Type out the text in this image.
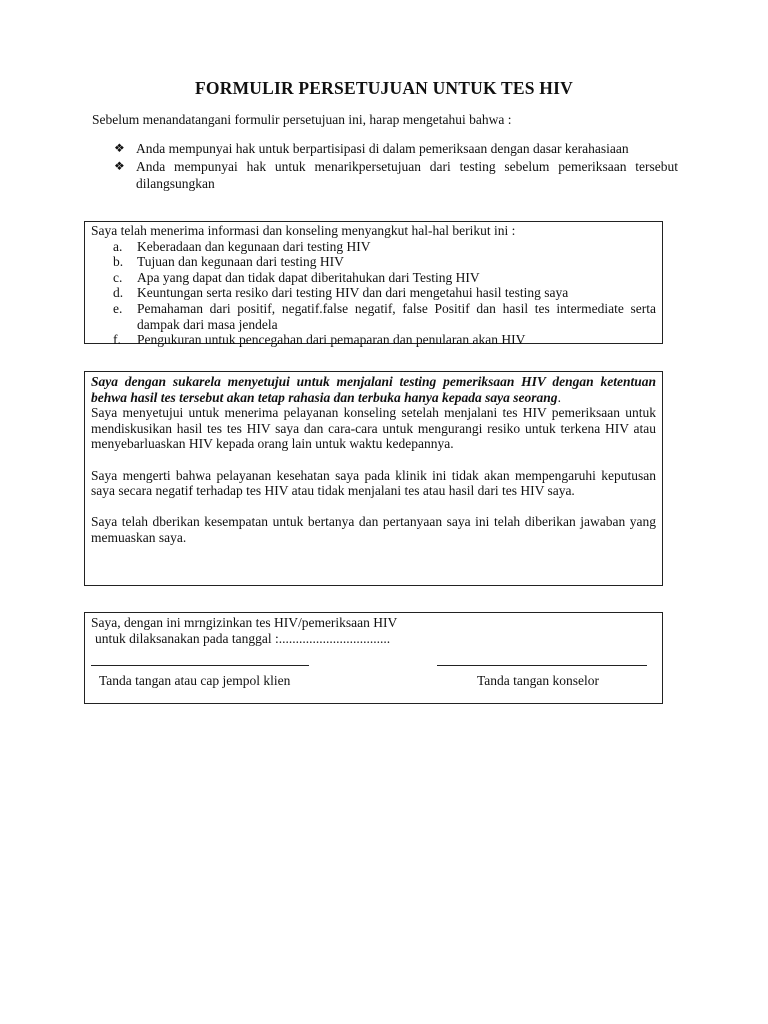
FORMULIR PERSETUJUAN UNTUK TES HIV
Sebelum menandatangani formulir persetujuan ini, harap mengetahui bahwa :
❖ Anda mempunyai hak untuk berpartisipasi di dalam pemeriksaan dengan dasar kerahasiaan
❖ Anda mempunyai hak untuk menarikpersetujuan dari testing sebelum pemeriksaan tersebut dilangsungkan
Saya telah menerima informasi dan konseling menyangkut hal-hal berikut ini :
a. Keberadaan dan kegunaan dari testing HIV
b. Tujuan dan kegunaan dari testing HIV
c. Apa yang dapat dan tidak dapat diberitahukan dari Testing HIV
d. Keuntungan serta resiko dari testing HIV dan dari mengetahui hasil testing saya
e. Pemahaman dari positif, negatif.false negatif, false Positif dan hasil tes intermediate serta dampak dari masa jendela
f. Pengukuran untuk pencegahan dari pemaparan dan penularan akan HIV

Saya dengan sukarela menyetujui untuk menjalani testing pemeriksaan HIV dengan ketentuan behwa hasil tes tersebut akan tetap rahasia dan terbuka hanya kepada saya seorang.

Saya menyetujui untuk menerima pelayanan konseling setelah menjalani tes HIV pemeriksaan untuk mendiskusikan hasil tes tes HIV saya dan cara-cara untuk mengurangi resiko untuk terkena HIV atau menyebarluaskan HIV kepada orang lain untuk waktu kedepannya.

Saya mengerti bahwa pelayanan kesehatan saya pada klinik ini tidak akan mempengaruhi keputusan saya secara negatif terhadap tes HIV atau tidak menjalani tes atau hasil dari tes HIV saya.

Saya telah dberikan kesempatan untuk bertanya dan pertanyaan saya ini telah diberikan jawaban yang memuaskan saya.

Saya, dengan ini mrngizinkan tes HIV/pemeriksaan HIV
untuk dilaksanakan pada tanggal :.................................
Tanda tangan atau cap jempol klien	Tanda tangan konselor
